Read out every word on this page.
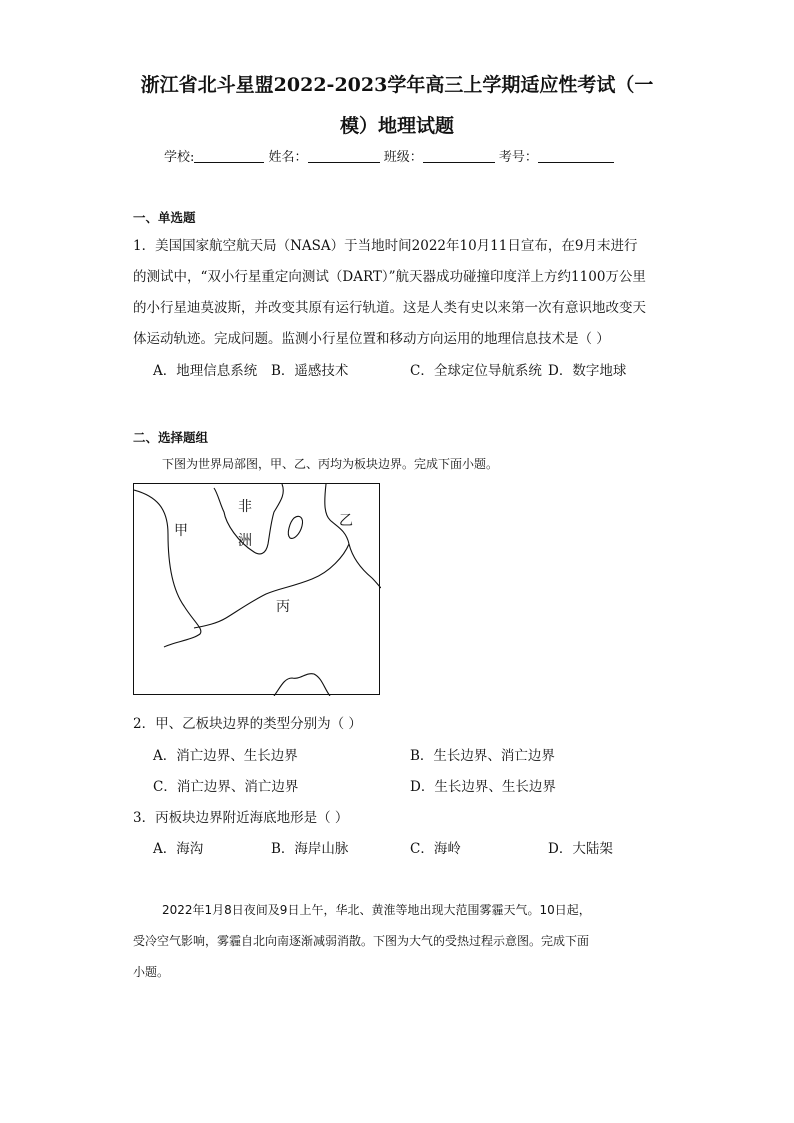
浙江省北斗星盟2022-2023学年高三上学期适应性考试（一
模）地理试题
学校:	姓名：	班级：	考号：
一、单选题
1．美国国家航空航天局（NASA）于当地时间2022年10月11日宣布，在9月末进行
的测试中，“双小行星重定向测试（DART）”航天器成功碰撞印度洋上方约1100万公里
的小行星迪莫波斯，并改变其原有运行轨道。这是人类有史以来第一次有意识地改变天
体运动轨迹。完成问题。监测小行星位置和移动方向运用的地理信息技术是（ ）
A．地理信息系统 B．遥感技术	C．全球定位导航系统 D．数字地球
二、选择题组
下图为世界局部图，甲、乙、丙均为板块边界。完成下面小题。
甲
非
洲
乙
丙
2．甲、乙板块边界的类型分别为（ ）
A．消亡边界、生长边界	B．生长边界、消亡边界
C．消亡边界、消亡边界	D．生长边界、生长边界
3．丙板块边界附近海底地形是（ ）
A．海沟	B．海岸山脉	C．海岭	D．大陆架
2022年1月8日夜间及9日上午，华北、黄淮等地出现大范围雾霾天气。10日起，
受冷空气影响，雾霾自北向南逐渐减弱消散。下图为大气的受热过程示意图。完成下面
小题。
